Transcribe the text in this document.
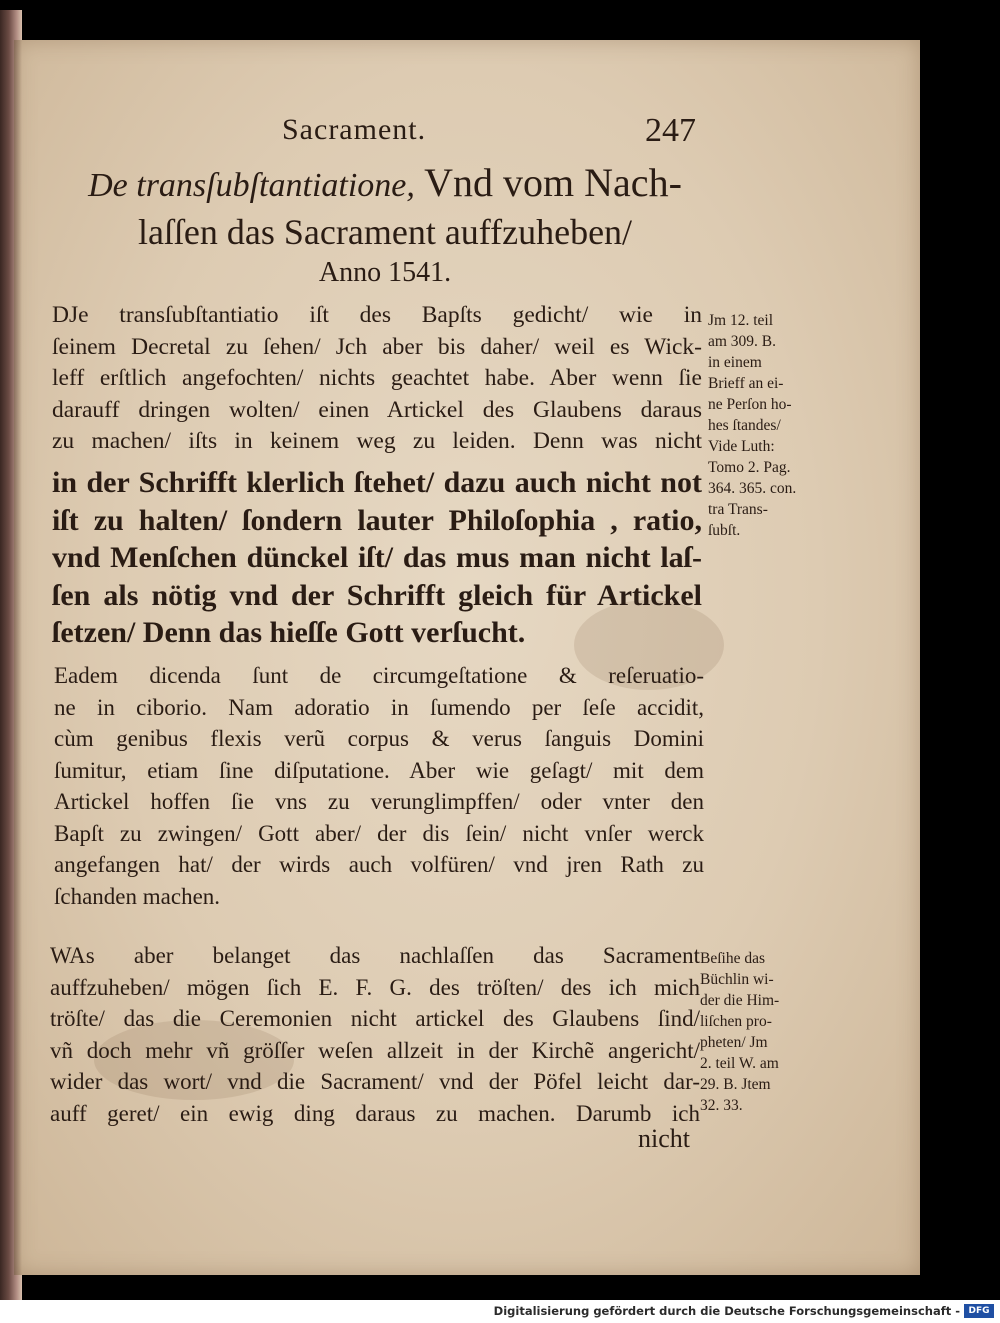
Sacrament.	247
De transſubſtantiatione, Vnd vom Nach-
laſſen das Sacrament auffzuheben/
Anno 1541.
DJe transſubſtantiatio iſt des Bapſts gedicht/ wie in
ſeinem Decretal zu ſehen/ Jch aber bis daher/ weil es Wick-
leff erſtlich angefochten/ nichts geachtet habe. Aber wenn ſie
darauff dringen wolten/ einen Artickel des Glaubens daraus
zu machen/ iſts in keinem weg zu leiden. Denn was nicht
in der Schrifft klerlich ſtehet/ dazu auch nicht not
iſt zu halten/ ſondern lauter Philoſophia , ratio,
vnd Menſchen dünckel iſt/ das mus man nicht laſ-
ſen als nötig vnd der Schrifft gleich für Artickel
ſetzen/ Denn das hieſſe Gott verſucht.
Eadem dicenda ſunt de circumgeſtatione & reſeruatio-
ne in ciborio. Nam adoratio in ſumendo per ſeſe accidit,
cùm genibus flexis verũ corpus & verus ſanguis Domini
ſumitur, etiam ſine diſputatione. Aber wie geſagt/ mit dem
Artickel hoffen ſie vns zu verunglimpffen/ oder vnter den
Bapſt zu zwingen/ Gott aber/ der dis ſein/ nicht vnſer werck
angefangen hat/ der wirds auch volfüren/ vnd jren Rath zu
ſchanden machen.
WAs aber belanget das nachlaſſen das Sacrament
auffzuheben/ mögen ſich E. F. G. des tröſten/ des ich mich
tröſte/ das die Ceremonien nicht artickel des Glaubens ſind/
vñ doch mehr vñ gröſſer weſen allzeit in der Kirchẽ angericht/
wider das wort/ vnd die Sacrament/ vnd der Pöfel leicht dar-
auff geret/ ein ewig ding daraus zu machen. Darumb ich
nicht
Jm 12. teil
am 309. B.
in einem
Brieff an ei-
ne Perſon ho-
hes ſtandes/
Vide Luth:
Tomo 2. Pag.
364. 365. con.
tra Trans-
ſubſt.
Beſihe das
Büchlin wi-
der die Him-
liſchen pro-
pheten/ Jm
2. teil W. am
29. B. Jtem
32. 33.
Digitalisierung gefördert durch die Deutsche Forschungsgemeinschaft - DFG
